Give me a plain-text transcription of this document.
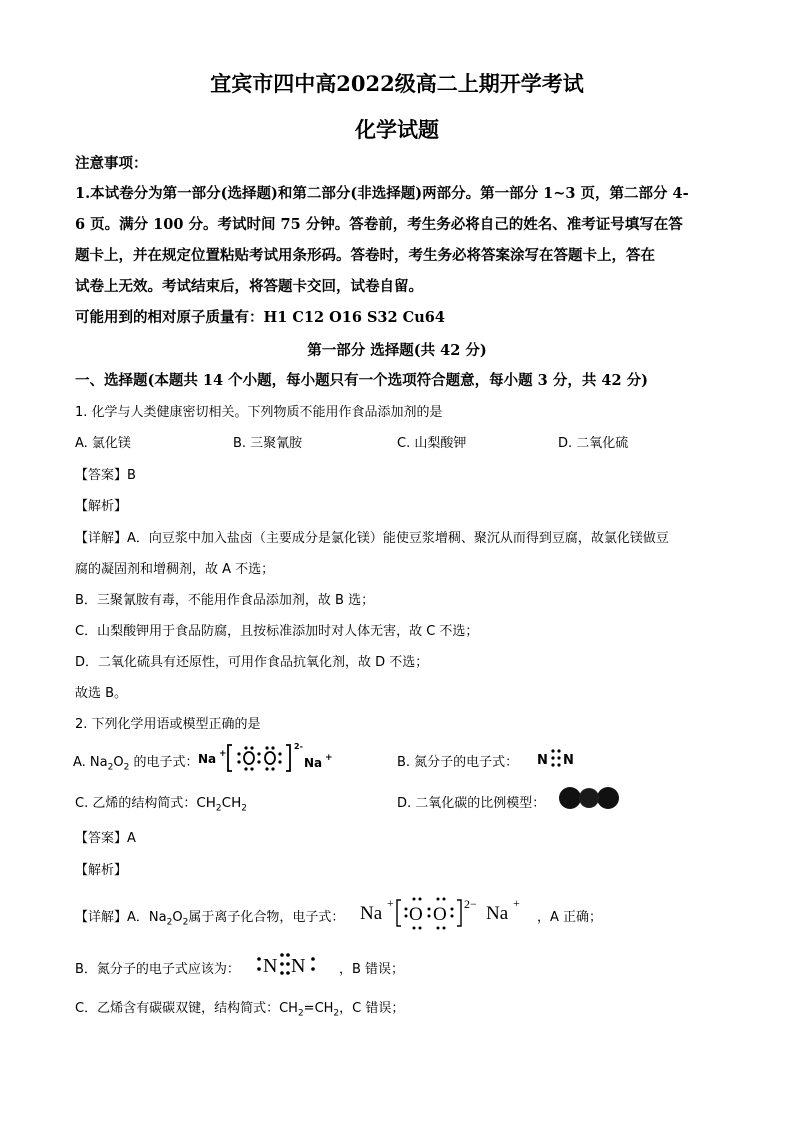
宜宾市四中高2022级高二上期开学考试
化学试题
注意事项：
1.本试卷分为第一部分(选择题)和第二部分(非选择题)两部分。第一部分 1~3 页，第二部分 4-
6 页。满分 100 分。考试时间 75 分钟。答卷前，考生务必将自己的姓名、准考证号填写在答
题卡上，并在规定位置粘贴考试用条形码。答卷时，考生务必将答案涂写在答题卡上，答在
试卷上无效。考试结束后，将答题卡交回，试卷自留。
可能用到的相对原子质量有：H1 C12 O16 S32 Cu64
第一部分 选择题(共 42 分)
一、选择题(本题共 14 个小题，每小题只有一个选项符合题意，每小题 3 分，共 42 分)
1. 化学与人类健康密切相关。下列物质不能用作食品添加剂的是
A. 氯化镁	B. 三聚氰胺	C. 山梨酸钾	D. 二氧化硫
【答案】B
【解析】
【详解】A．向豆浆中加入盐卤（主要成分是氯化镁）能使豆浆增稠、聚沉从而得到豆腐，故氯化镁做豆
腐的凝固剂和增稠剂，故 A 不选；
B．三聚氰胺有毒，不能用作食品添加剂，故 B 选；
C．山梨酸钾用于食品防腐，且按标准添加时对人体无害，故 C 不选；
D．二氧化硫具有还原性，可用作食品抗氧化剂，故 D 不选；
故选 B。
2. 下列化学用语或模型正确的是
A. $Na_2O_2$ 的电子式： Na +
2-
Na +	B. 氮分子的电子式： N N
C. 乙烯的结构简式：$CH_2CH_2$	D. 二氧化碳的比例模型：
【答案】A
【解析】
【详解】A．$Na_2O_2$属于离子化合物，电子式： Na +
O O 2− Na +
，A 正确；
B．氮分子的电子式应该为： N N	，B 错误；
C．乙烯含有碳碳双键，结构简式：$CH_2=CH_2$，C 错误；
